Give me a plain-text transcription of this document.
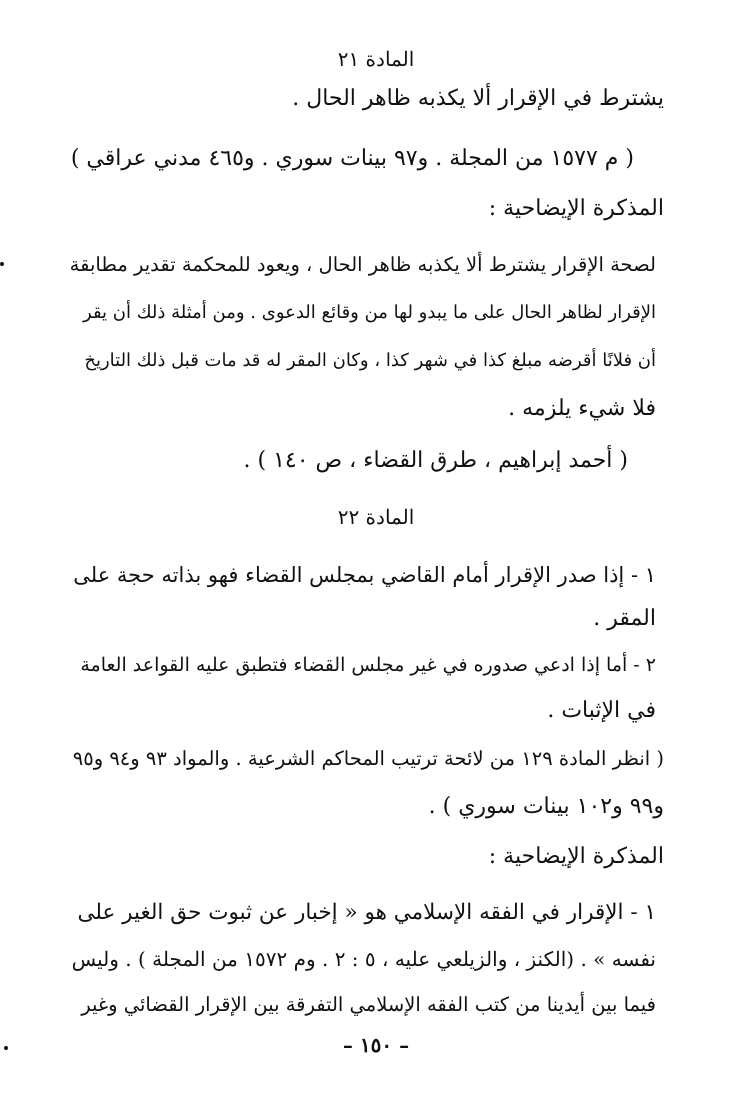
المادة ٢١
يشترط في الإقرار ألا يكذبه ظاهر الحال .
( م ١٥٧٧ من المجلة . و٩٧ بينات سوري . و٤٦٥ مدني عراقي )
المذكرة الإيضاحية :
لصحة الإقرار يشترط ألا يكذبه ظاهر الحال ، ويعود للمحكمة تقدير مطابقة
الإقرار لظاهر الحال على ما يبدو لها من وقائع الدعوى . ومن أمثلة ذلك أن يقر
أن فلانًا أقرضه مبلغ كذا في شهر كذا ، وكان المقر له قد مات قبل ذلك التاريخ
فلا شيء يلزمه .
( أحمد إبراهيم ، طرق القضاء ، ص ١٤٠ ) .
المادة ٢٢
١ - إذا صدر الإقرار أمام القاضي بمجلس القضاء فهو بذاته حجة على
المقر .
٢ - أما إذا ادعي صدوره في غير مجلس القضاء فتطبق عليه القواعد العامة
في الإثبات .
( انظر المادة ١٢٩ من لائحة ترتيب المحاكم الشرعية . والمواد ٩٣ و٩٤ و٩٥
و٩٩ و١٠٢ بينات سوري ) .
المذكرة الإيضاحية :
١ - الإقرار في الفقه الإسلامي هو « إخبار عن ثبوت حق الغير على
نفسه » . (الكنز ، والزيلعي عليه ، ٥ : ٢ . وم ١٥٧٢ من المجلة ) . وليس
فيما بين أيدينا من كتب الفقه الإسلامي التفرقة بين الإقرار القضائي وغير
– ١٥٠ –
